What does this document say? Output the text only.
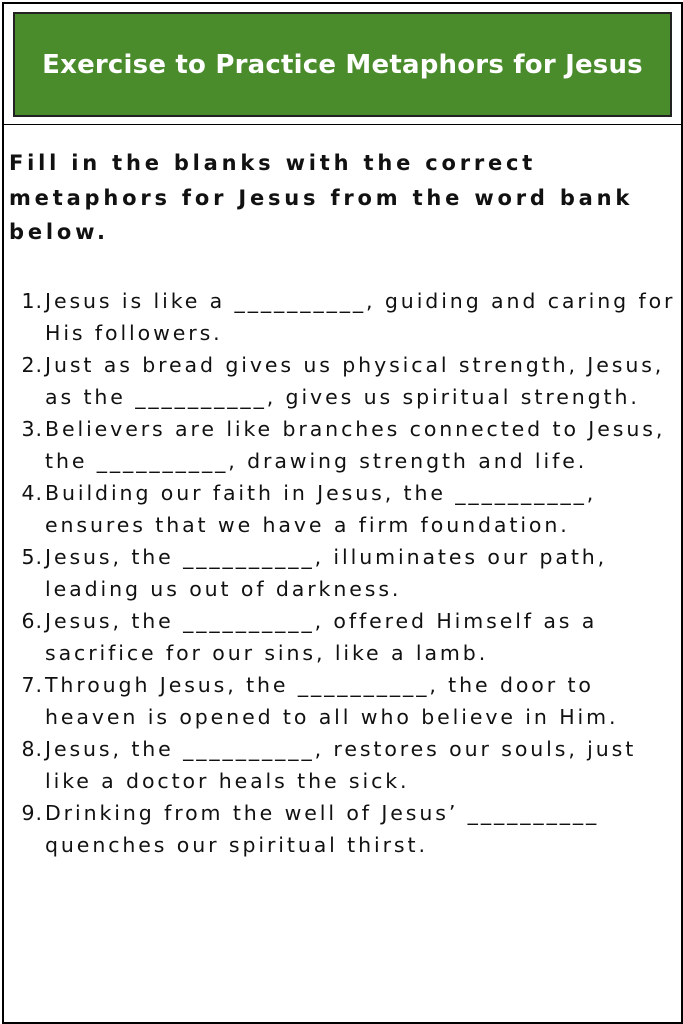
Exercise to Practice Metaphors for Jesus

Fill in the blanks with the correct metaphors for Jesus from the word bank below.

1. Jesus is like a __________, guiding and caring for His followers.
2. Just as bread gives us physical strength, Jesus, as the __________, gives us spiritual strength.
3. Believers are like branches connected to Jesus, the __________, drawing strength and life.
4. Building our faith in Jesus, the __________, ensures that we have a firm foundation.
5. Jesus, the __________, illuminates our path, leading us out of darkness.
6. Jesus, the __________, offered Himself as a sacrifice for our sins, like a lamb.
7. Through Jesus, the __________, the door to heaven is opened to all who believe in Him.
8. Jesus, the __________, restores our souls, just like a doctor heals the sick.
9. Drinking from the well of Jesus’ __________ quenches our spiritual thirst.
